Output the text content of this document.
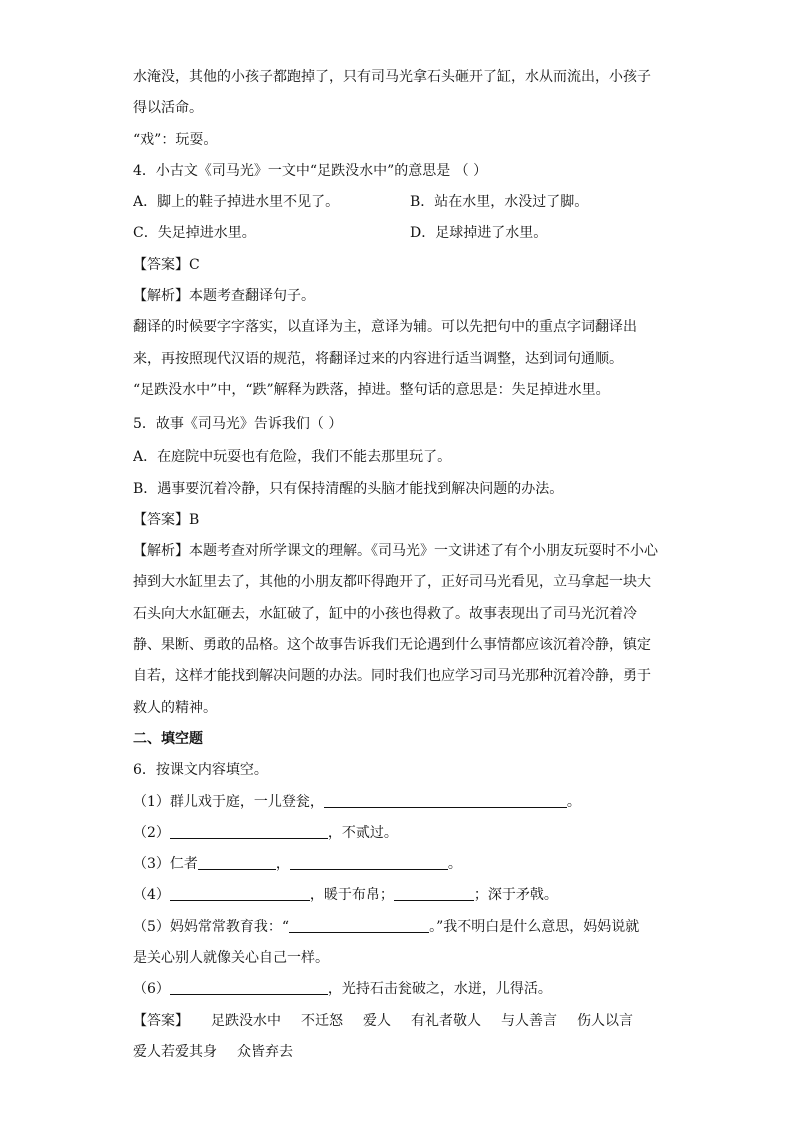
水淹没，其他的小孩子都跑掉了，只有司马光拿石头砸开了缸，水从而流出，小孩子
得以活命。
“戏”：玩耍。
4．小古文《司马光》一文中“足跌没水中”的意思是 （ ）
A．脚上的鞋子掉进水里不见了。	B．站在水里，水没过了脚。
C．失足掉进水里。	D．足球掉进了水里。
【答案】C
【解析】本题考查翻译句子。
翻译的时候要字字落实，以直译为主，意译为辅。可以先把句中的重点字词翻译出
来，再按照现代汉语的规范，将翻译过来的内容进行适当调整，达到词句通顺。
“足跌没水中”中，“跌”解释为跌落，掉进。整句话的意思是：失足掉进水里。
5．故事《司马光》告诉我们（ ）
A．在庭院中玩耍也有危险，我们不能去那里玩了。
B．遇事要沉着冷静，只有保持清醒的头脑才能找到解决问题的办法。
【答案】B
【解析】本题考查对所学课文的理解。《司马光》一文讲述了有个小朋友玩耍时不小心
掉到大水缸里去了，其他的小朋友都吓得跑开了，正好司马光看见，立马拿起一块大
石头向大水缸砸去，水缸破了，缸中的小孩也得救了。故事表现出了司马光沉着冷
静、果断、勇敢的品格。这个故事告诉我们无论遇到什么事情都应该沉着冷静，镇定
自若，这样才能找到解决问题的办法。同时我们也应学习司马光那种沉着冷静，勇于
救人的精神。
二、填空题
6．按课文内容填空。
（1）群儿戏于庭，一儿登瓮，	。
（2）	，不贰过。
（3）仁者	，	。
（4）	，暖于布帛；	；深于矛戟。
（5）妈妈常常教育我：“	。”我不明白是什么意思，妈妈说就
是关心别人就像关心自己一样。
（6）	，光持石击瓮破之，水迸，儿得活。
【答案】 足跌没水中 不迁怒 爱人 有礼者敬人 与人善言 伤人以言
爱人若爱其身 众皆弃去
